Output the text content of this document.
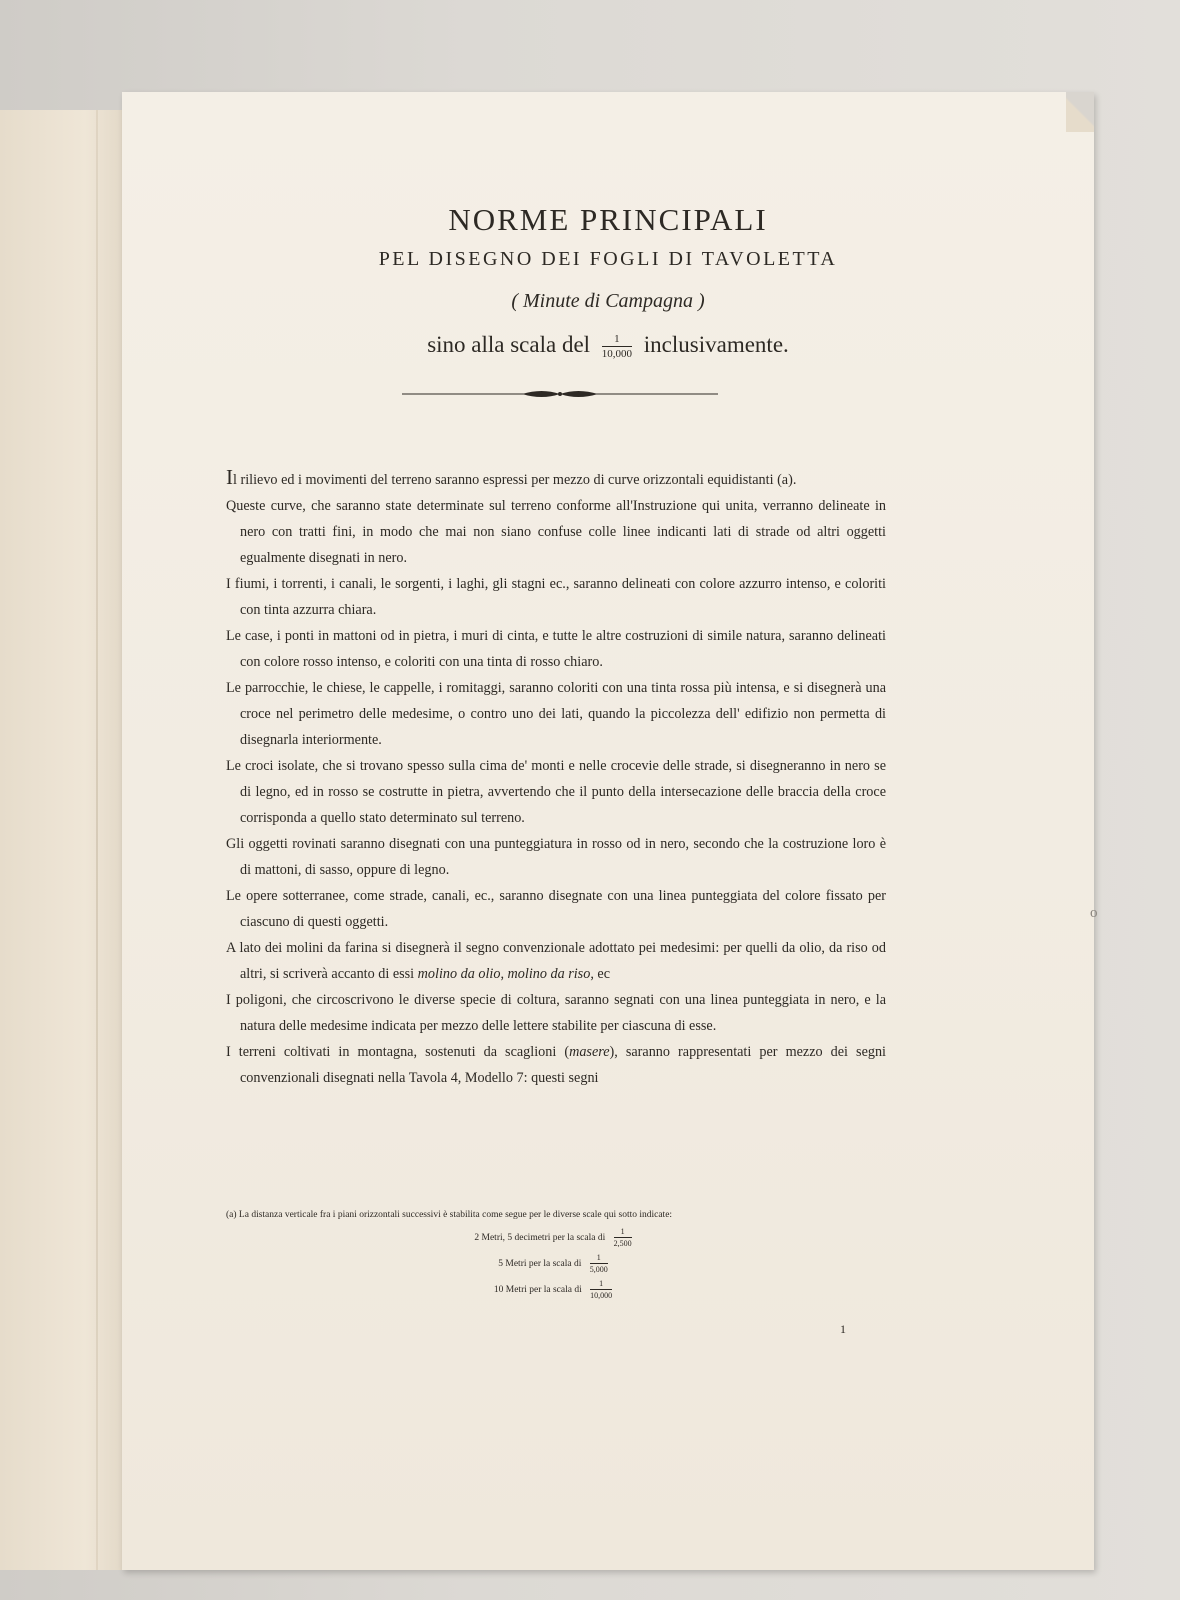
NORME PRINCIPALI
PEL DISEGNO DEI FOGLI DI TAVOLETTA
( Minute di Campagna )
sino alla scala del $\frac{1}{10,000}$ inclusivamente.

Il rilievo ed i movimenti del terreno saranno espressi per mezzo di curve orizzontali equidistanti (a).

Queste curve, che saranno state determinate sul terreno conforme all'Instruzione qui unita, verranno delineate in nero con tratti fini, in modo che mai non siano confuse colle linee indicanti lati di strade od altri oggetti egualmente disegnati in nero.

I fiumi, i torrenti, i canali, le sorgenti, i laghi, gli stagni ec., saranno delineati con colore azzurro intenso, e coloriti con tinta azzurra chiara.

Le case, i ponti in mattoni od in pietra, i muri di cinta, e tutte le altre costruzioni di simile natura, saranno delineati con colore rosso intenso, e coloriti con una tinta di rosso chiaro.

Le parrocchie, le chiese, le cappelle, i romitaggi, saranno coloriti con una tinta rossa più intensa, e si disegnerà una croce nel perimetro delle medesime, o contro uno dei lati, quando la piccolezza dell' edifizio non permetta di disegnarla interiormente.

Le croci isolate, che si trovano spesso sulla cima de' monti e nelle crocevie delle strade, si disegneranno in nero se di legno, ed in rosso se costrutte in pietra, avvertendo che il punto della intersecazione delle braccia della croce corrisponda a quello stato determinato sul terreno.

Gli oggetti rovinati saranno disegnati con una punteggiatura in rosso od in nero, secondo che la costruzione loro è di mattoni, di sasso, oppure di legno.

Le opere sotterranee, come strade, canali, ec., saranno disegnate con una linea punteggiata del colore fissato per ciascuno di questi oggetti.

A lato dei molini da farina si disegnerà il segno convenzionale adottato pei medesimi: per quelli da olio, da riso od altri, si scriverà accanto di essi molino da olio, molino da riso, ec

I poligoni, che circoscrivono le diverse specie di coltura, saranno segnati con una linea punteggiata in nero, e la natura delle medesime indicata per mezzo delle lettere stabilite per ciascuna di esse.

I terreni coltivati in montagna, sostenuti da scaglioni (masere), saranno rappresentati per mezzo dei segni convenzionali disegnati nella Tavola 4, Modello 7: questi segni

(a) La distanza verticale fra i piani orizzontali successivi è stabilita come segue per le diverse scale qui sotto indicate:
2 Metri, 5 decimetri per la scala di $\frac{1}{2,500}$
5 Metri per la scala di $\frac{1}{5,000}$
10 Metri per la scala di $\frac{1}{10,000}$
1
o
